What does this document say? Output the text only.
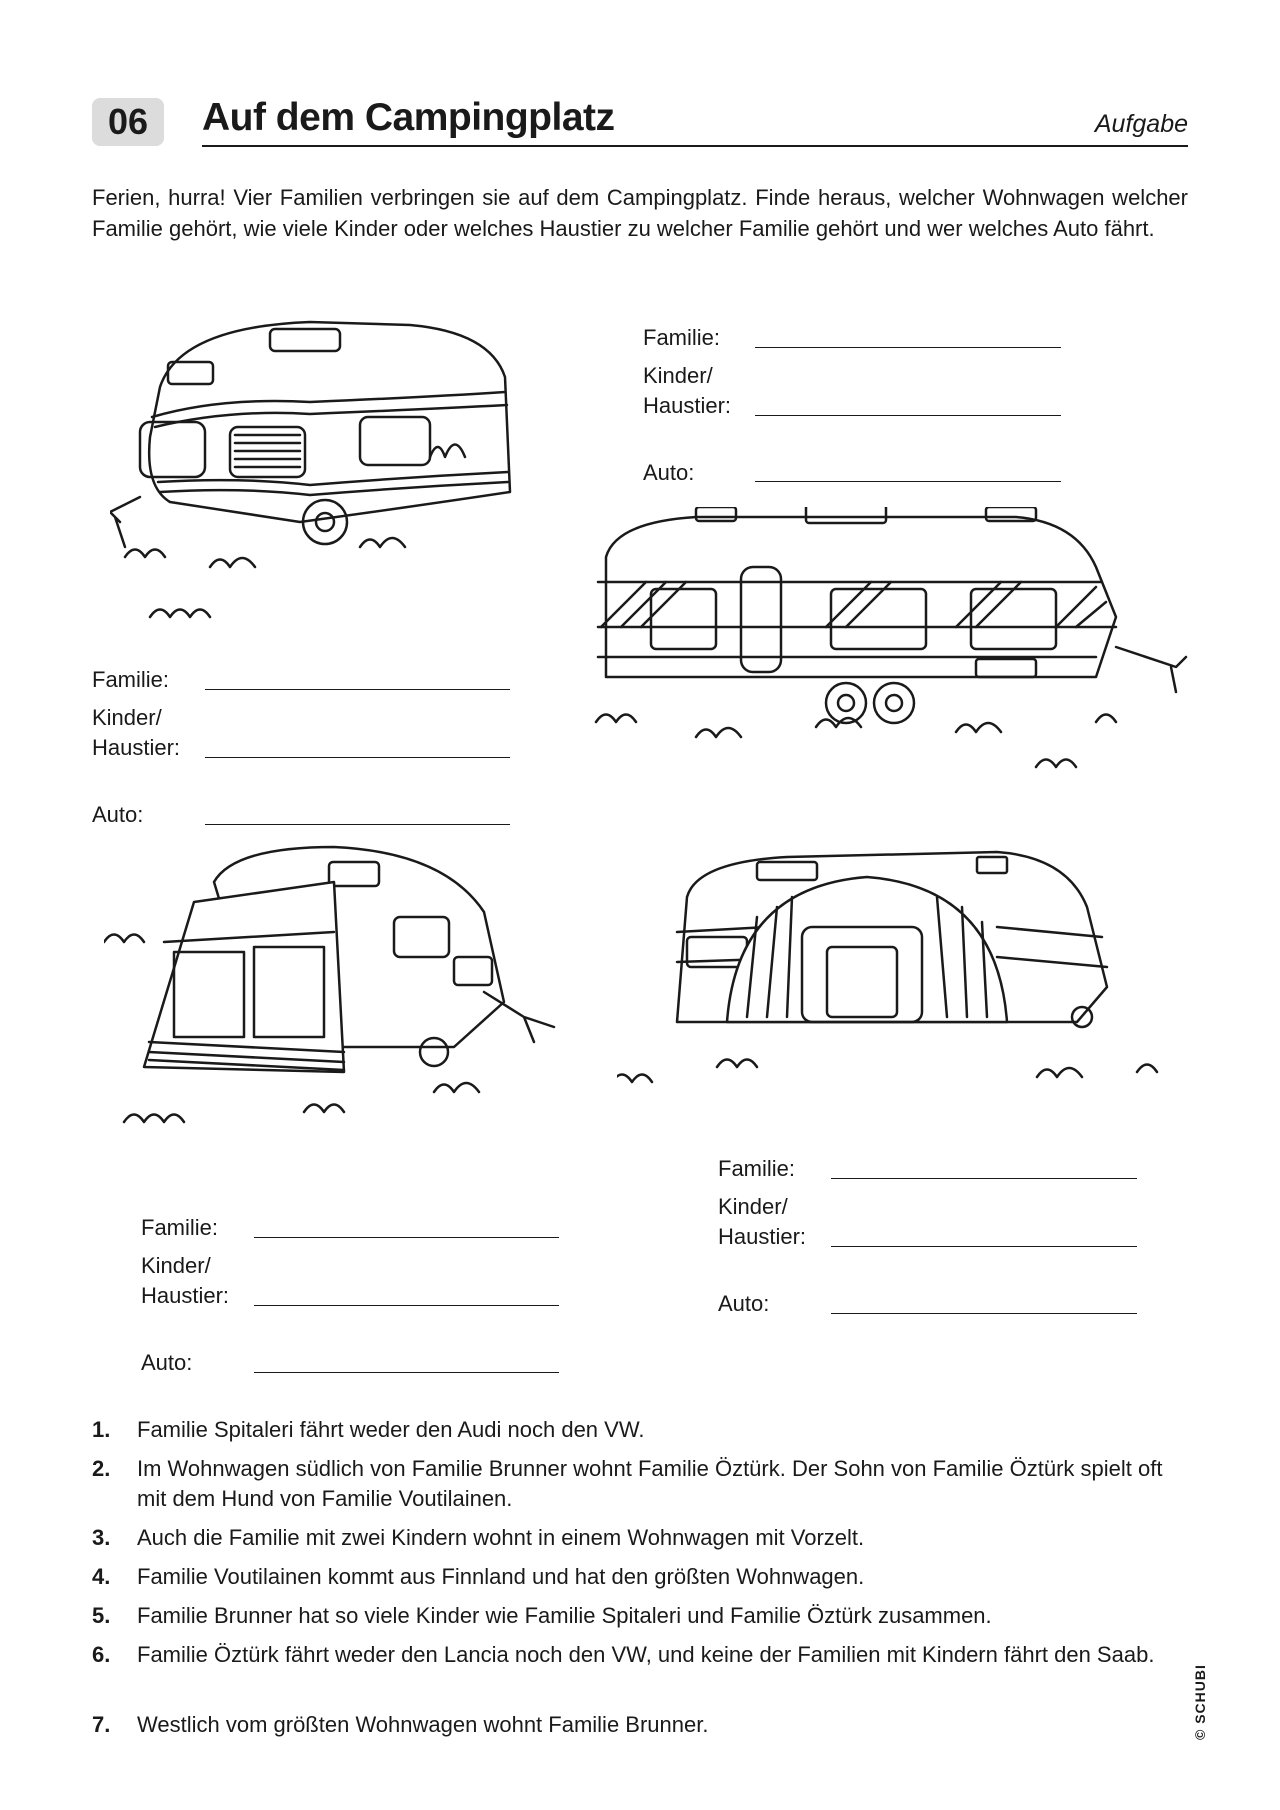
06	Auf dem Campingplatz	Aufgabe
Ferien, hurra! Vier Familien verbringen sie auf dem Campingplatz. Finde heraus, welcher Wohnwagen welcher Familie gehört, wie viele Kinder oder welches Haustier zu welcher Familie gehört und wer welches Auto fährt.
Familie:
Kinder/
Haustier:
Auto:
Familie:
Kinder/
Haustier:
Auto:
Familie:
Kinder/
Haustier:
Auto:
Familie:
Kinder/
Haustier:
Auto:
1. Familie Spitaleri fährt weder den Audi noch den VW.
2. Im Wohnwagen südlich von Familie Brunner wohnt Familie Öztürk. Der Sohn von Familie Öztürk spielt oft mit dem Hund von Familie Voutilainen.
3. Auch die Familie mit zwei Kindern wohnt in einem Wohnwagen mit Vorzelt.
4. Familie Voutilainen kommt aus Finnland und hat den größten Wohnwagen.
5. Familie Brunner hat so viele Kinder wie Familie Spitaleri und Familie Öztürk zusammen.
6. Familie Öztürk fährt weder den Lancia noch den VW, und keine der Familien mit Kindern fährt den Saab.
7. Westlich vom größten Wohnwagen wohnt Familie Brunner.	© SCHUBI
